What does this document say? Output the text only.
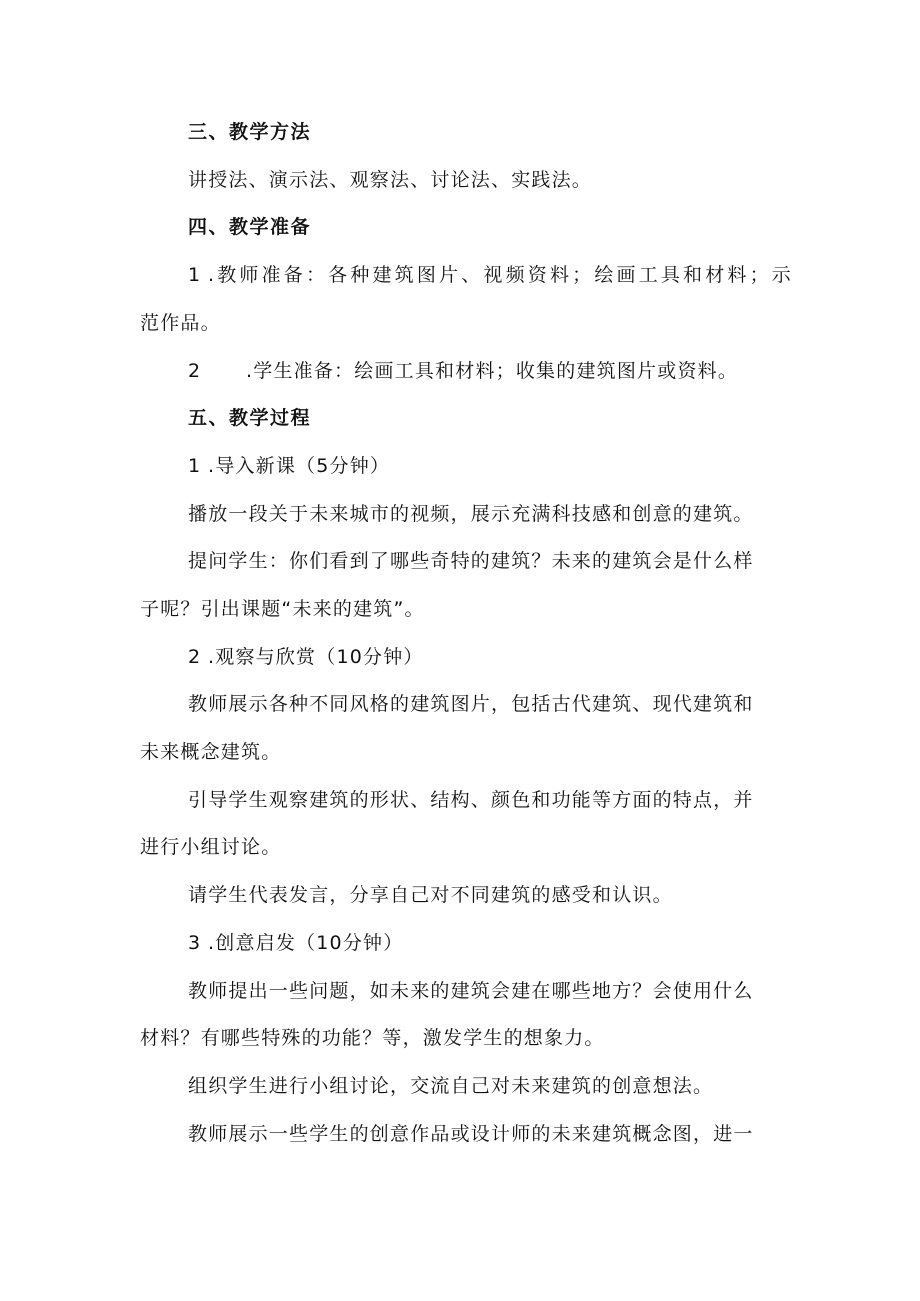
三、教学方法
讲授法、演示法、观察法、讨论法、实践法。
四、教学准备
1 .教师准备：各种建筑图片、视频资料；绘画工具和材料；示
范作品。
2 .学生准备：绘画工具和材料；收集的建筑图片或资料。
五、教学过程
1 .导入新课（5分钟）
播放一段关于未来城市的视频，展示充满科技感和创意的建筑。
提问学生：你们看到了哪些奇特的建筑？未来的建筑会是什么样
子呢？引出课题“未来的建筑”。
2 .观察与欣赏（10分钟）
教师展示各种不同风格的建筑图片，包括古代建筑、现代建筑和
未来概念建筑。
引导学生观察建筑的形状、结构、颜色和功能等方面的特点，并
进行小组讨论。
请学生代表发言，分享自己对不同建筑的感受和认识。
3 .创意启发（10分钟）
教师提出一些问题，如未来的建筑会建在哪些地方？会使用什么
材料？有哪些特殊的功能？等，激发学生的想象力。
组织学生进行小组讨论，交流自己对未来建筑的创意想法。
教师展示一些学生的创意作品或设计师的未来建筑概念图，进一
